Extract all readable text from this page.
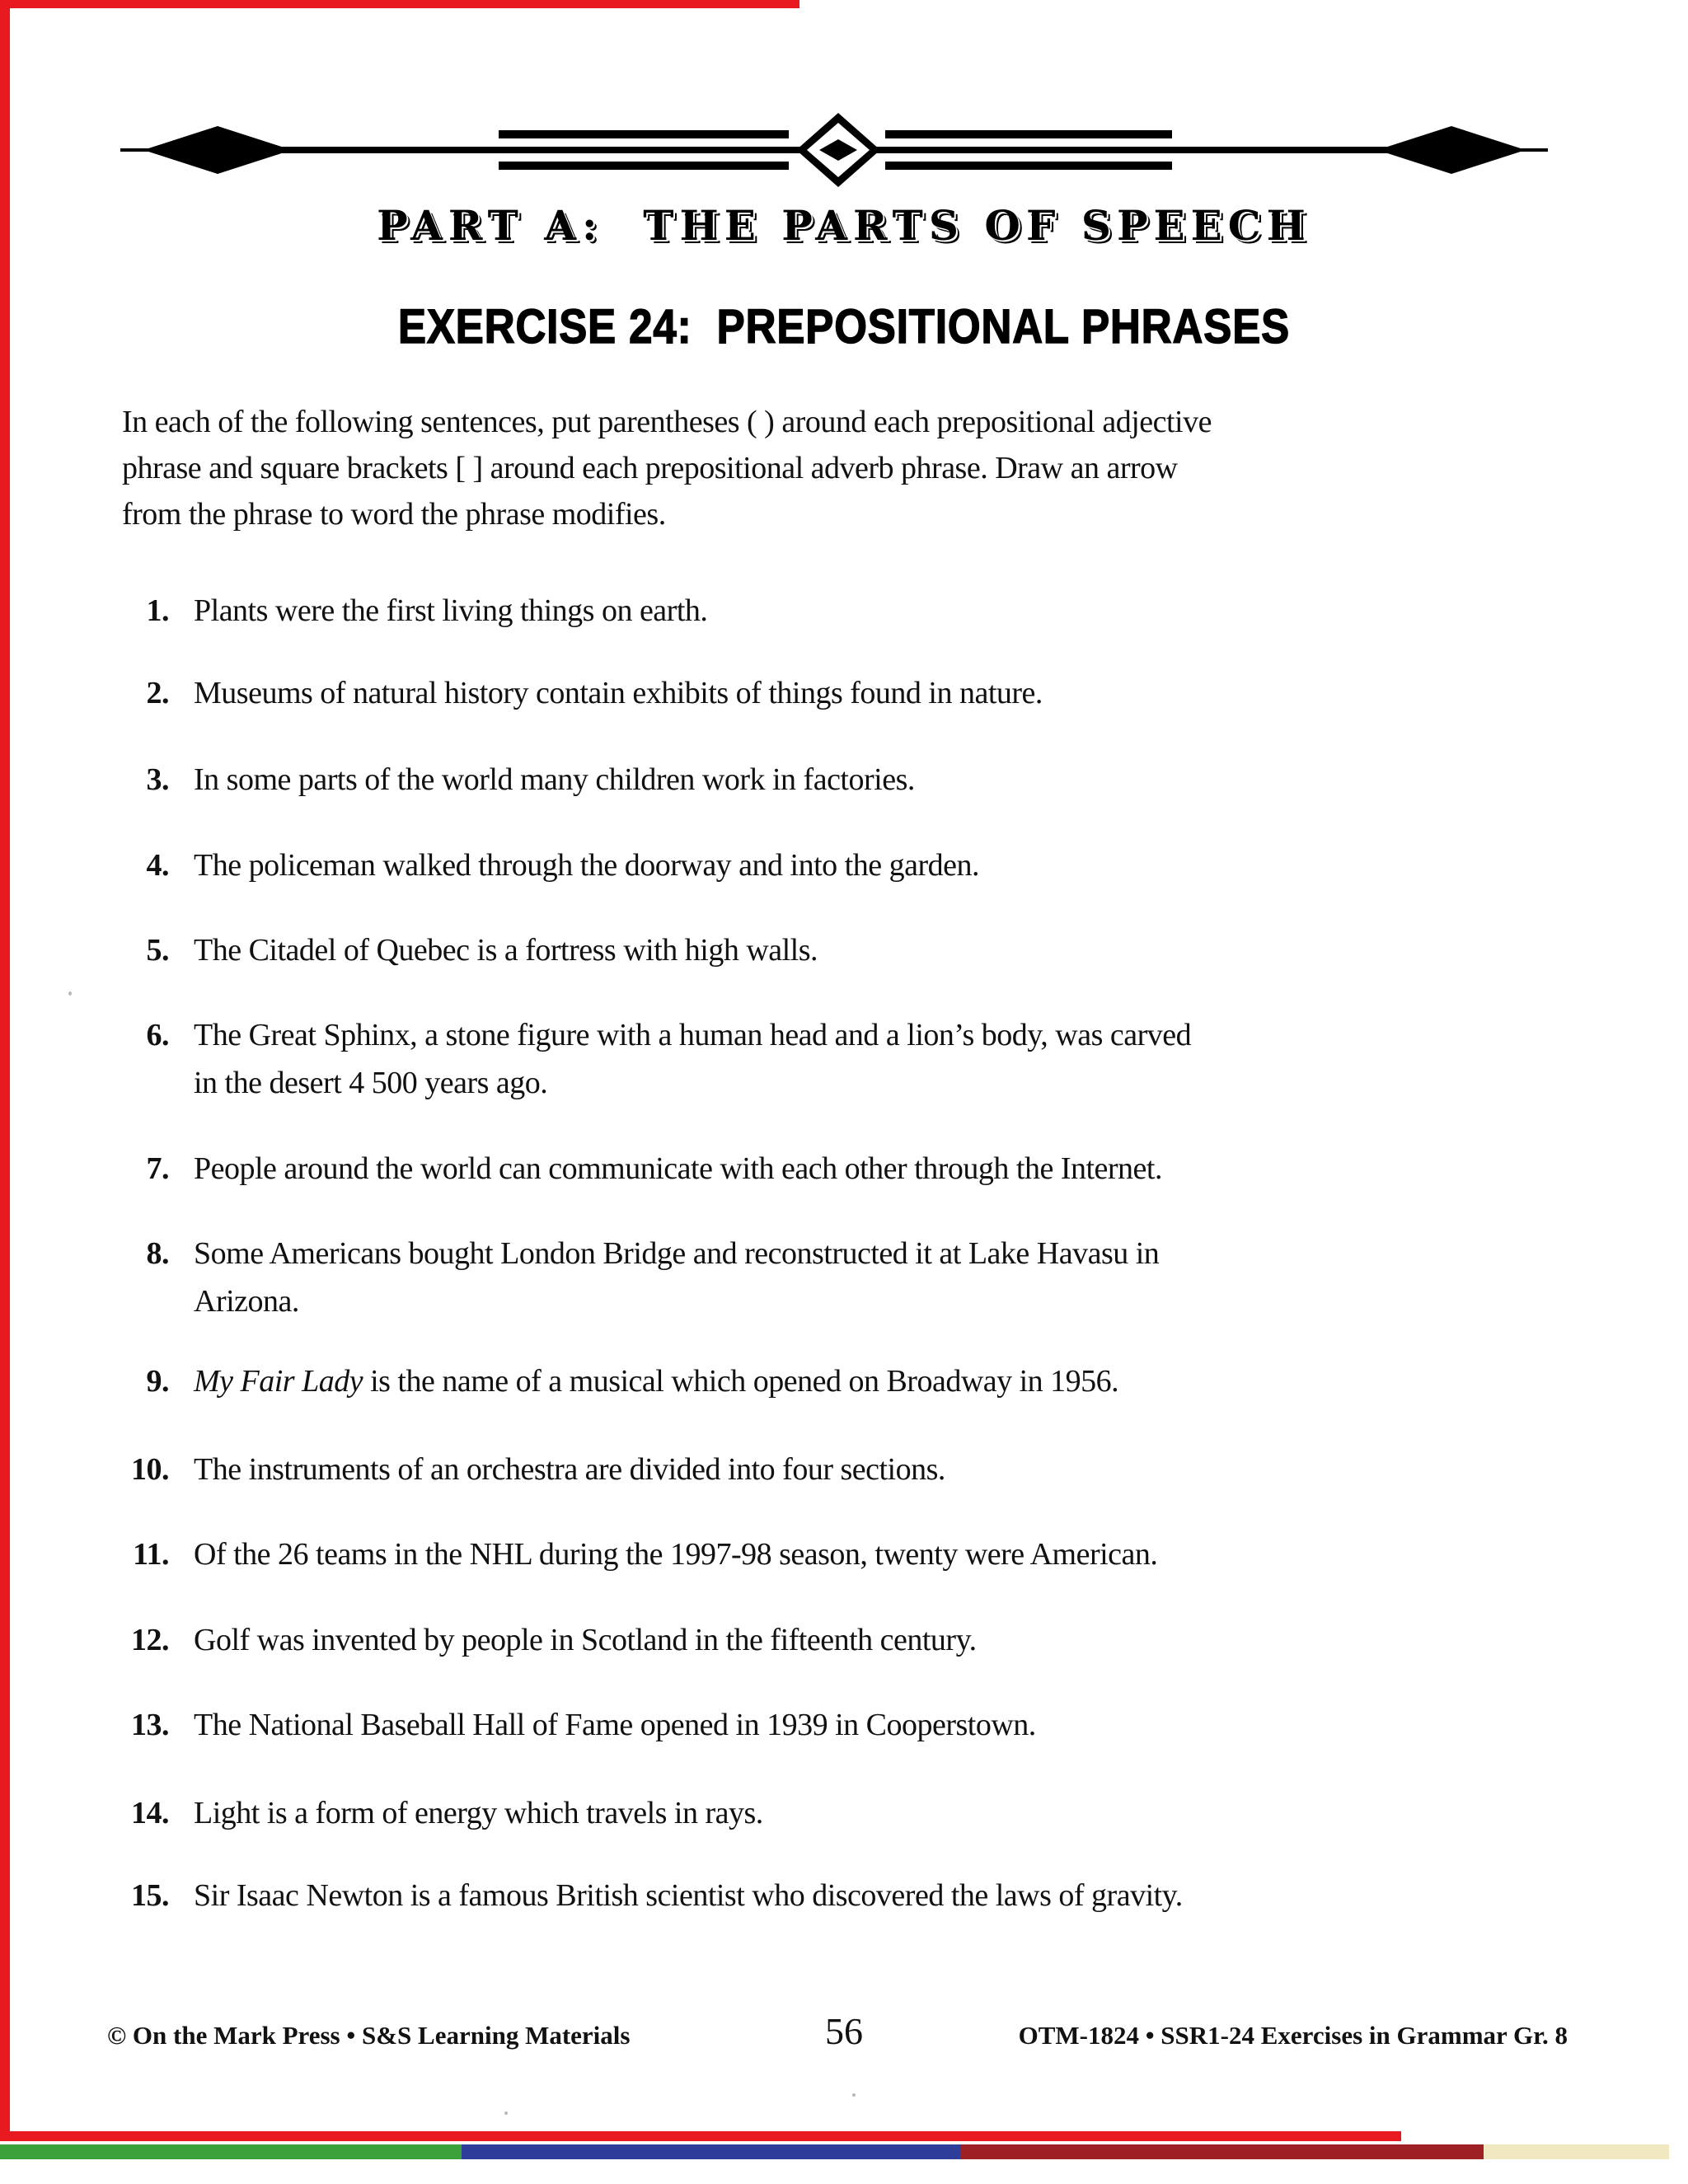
PART A:  THE PARTS OF SPEECH
EXERCISE 24:  PREPOSITIONAL PHRASES
In each of the following sentences, put parentheses ( ) around each prepositional adjective
phrase and square brackets [ ] around each prepositional adverb phrase. Draw an arrow
from the phrase to word the phrase modifies.
1. Plants were the first living things on earth.
2. Museums of natural history contain exhibits of things found in nature.
3. In some parts of the world many children work in factories.
4. The policeman walked through the doorway and into the garden.
5. The Citadel of Quebec is a fortress with high walls.
6. The Great Sphinx, a stone figure with a human head and a lion’s body, was carved
in the desert 4 500 years ago.
7. People around the world can communicate with each other through the Internet.
8. Some Americans bought London Bridge and reconstructed it at Lake Havasu in
Arizona.
9. My Fair Lady is the name of a musical which opened on Broadway in 1956.
10. The instruments of an orchestra are divided into four sections.
11. Of the 26 teams in the NHL during the 1997-98 season, twenty were American.
12. Golf was invented by people in Scotland in the fifteenth century.
13. The National Baseball Hall of Fame opened in 1939 in Cooperstown.
14. Light is a form of energy which travels in rays.
15. Sir Isaac Newton is a famous British scientist who discovered the laws of gravity.
56
© On the Mark Press • S&S Learning Materials	OTM-1824 • SSR1-24 Exercises in Grammar Gr. 8
